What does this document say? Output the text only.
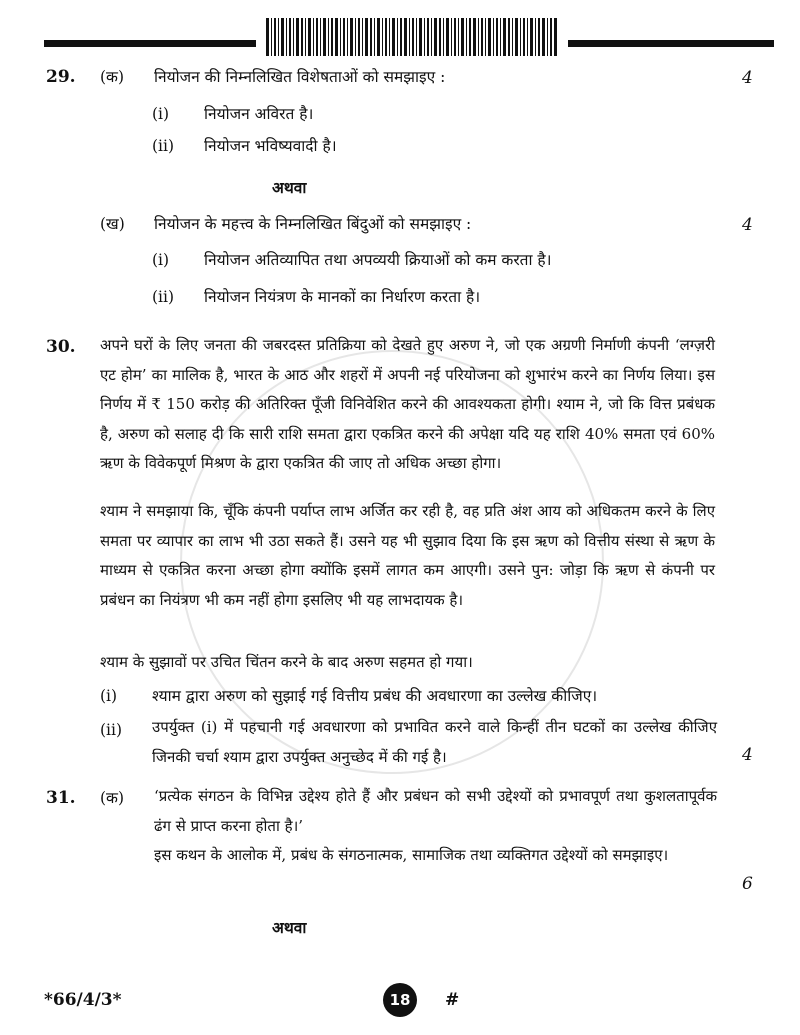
29. (क) नियोजन की निम्नलिखित विशेषताओं को समझाइए :	4
(i) नियोजन अविरत है।
(ii) नियोजन भविष्यवादी है।
अथवा
(ख) नियोजन के महत्त्व के निम्नलिखित बिंदुओं को समझाइए :	4
(i) नियोजन अतिव्यापित तथा अपव्ययी क्रियाओं को कम करता है।
(ii) नियोजन नियंत्रण के मानकों का निर्धारण करता है।
30. अपने घरों के लिए जनता की जबरदस्त प्रतिक्रिया को देखते हुए अरुण ने, जो एक अग्रणी निर्माणी कंपनी ‘लग्ज़री एट होम’ का मालिक है, भारत के आठ और शहरों में अपनी नई परियोजना को शुभारंभ करने का निर्णय लिया। इस निर्णय में ₹ 150 करोड़ की अतिरिक्त पूँजी विनिवेशित करने की आवश्यकता होगी। श्याम ने, जो कि वित्त प्रबंधक है, अरुण को सलाह दी कि सारी राशि समता द्वारा एकत्रित करने की अपेक्षा यदि यह राशि 40% समता एवं 60% ऋण के विवेकपूर्ण मिश्रण के द्वारा एकत्रित की जाए तो अधिक अच्छा होगा।
श्याम ने समझाया कि, चूँकि कंपनी पर्याप्त लाभ अर्जित कर रही है, वह प्रति अंश आय को अधिकतम करने के लिए समता पर व्यापार का लाभ भी उठा सकते हैं। उसने यह भी सुझाव दिया कि इस ऋण को वित्तीय संस्था से ऋण के माध्यम से एकत्रित करना अच्छा होगा क्योंकि इसमें लागत कम आएगी। उसने पुन: जोड़ा कि ऋण से कंपनी पर प्रबंधन का नियंत्रण भी कम नहीं होगा इसलिए भी यह लाभदायक है।
श्याम के सुझावों पर उचित चिंतन करने के बाद अरुण सहमत हो गया।
(i) श्याम द्वारा अरुण को सुझाई गई वित्तीय प्रबंध की अवधारणा का उल्लेख कीजिए।
(ii) उपर्युक्त (i) में पहचानी गई अवधारणा को प्रभावित करने वाले किन्हीं तीन घटकों का उल्लेख कीजिए जिनकी चर्चा श्याम द्वारा उपर्युक्त अनुच्छेद में की गई है।	4
31. (क) ‘प्रत्येक संगठन के विभिन्न उद्देश्य होते हैं और प्रबंधन को सभी उद्देश्यों को प्रभावपूर्ण तथा कुशलतापूर्वक ढंग से प्राप्त करना होता है।’
इस कथन के आलोक में, प्रबंध के संगठनात्मक, सामाजिक तथा व्यक्तिगत उद्देश्यों को समझाइए।
6
अथवा
*66/4/3*	18	#
